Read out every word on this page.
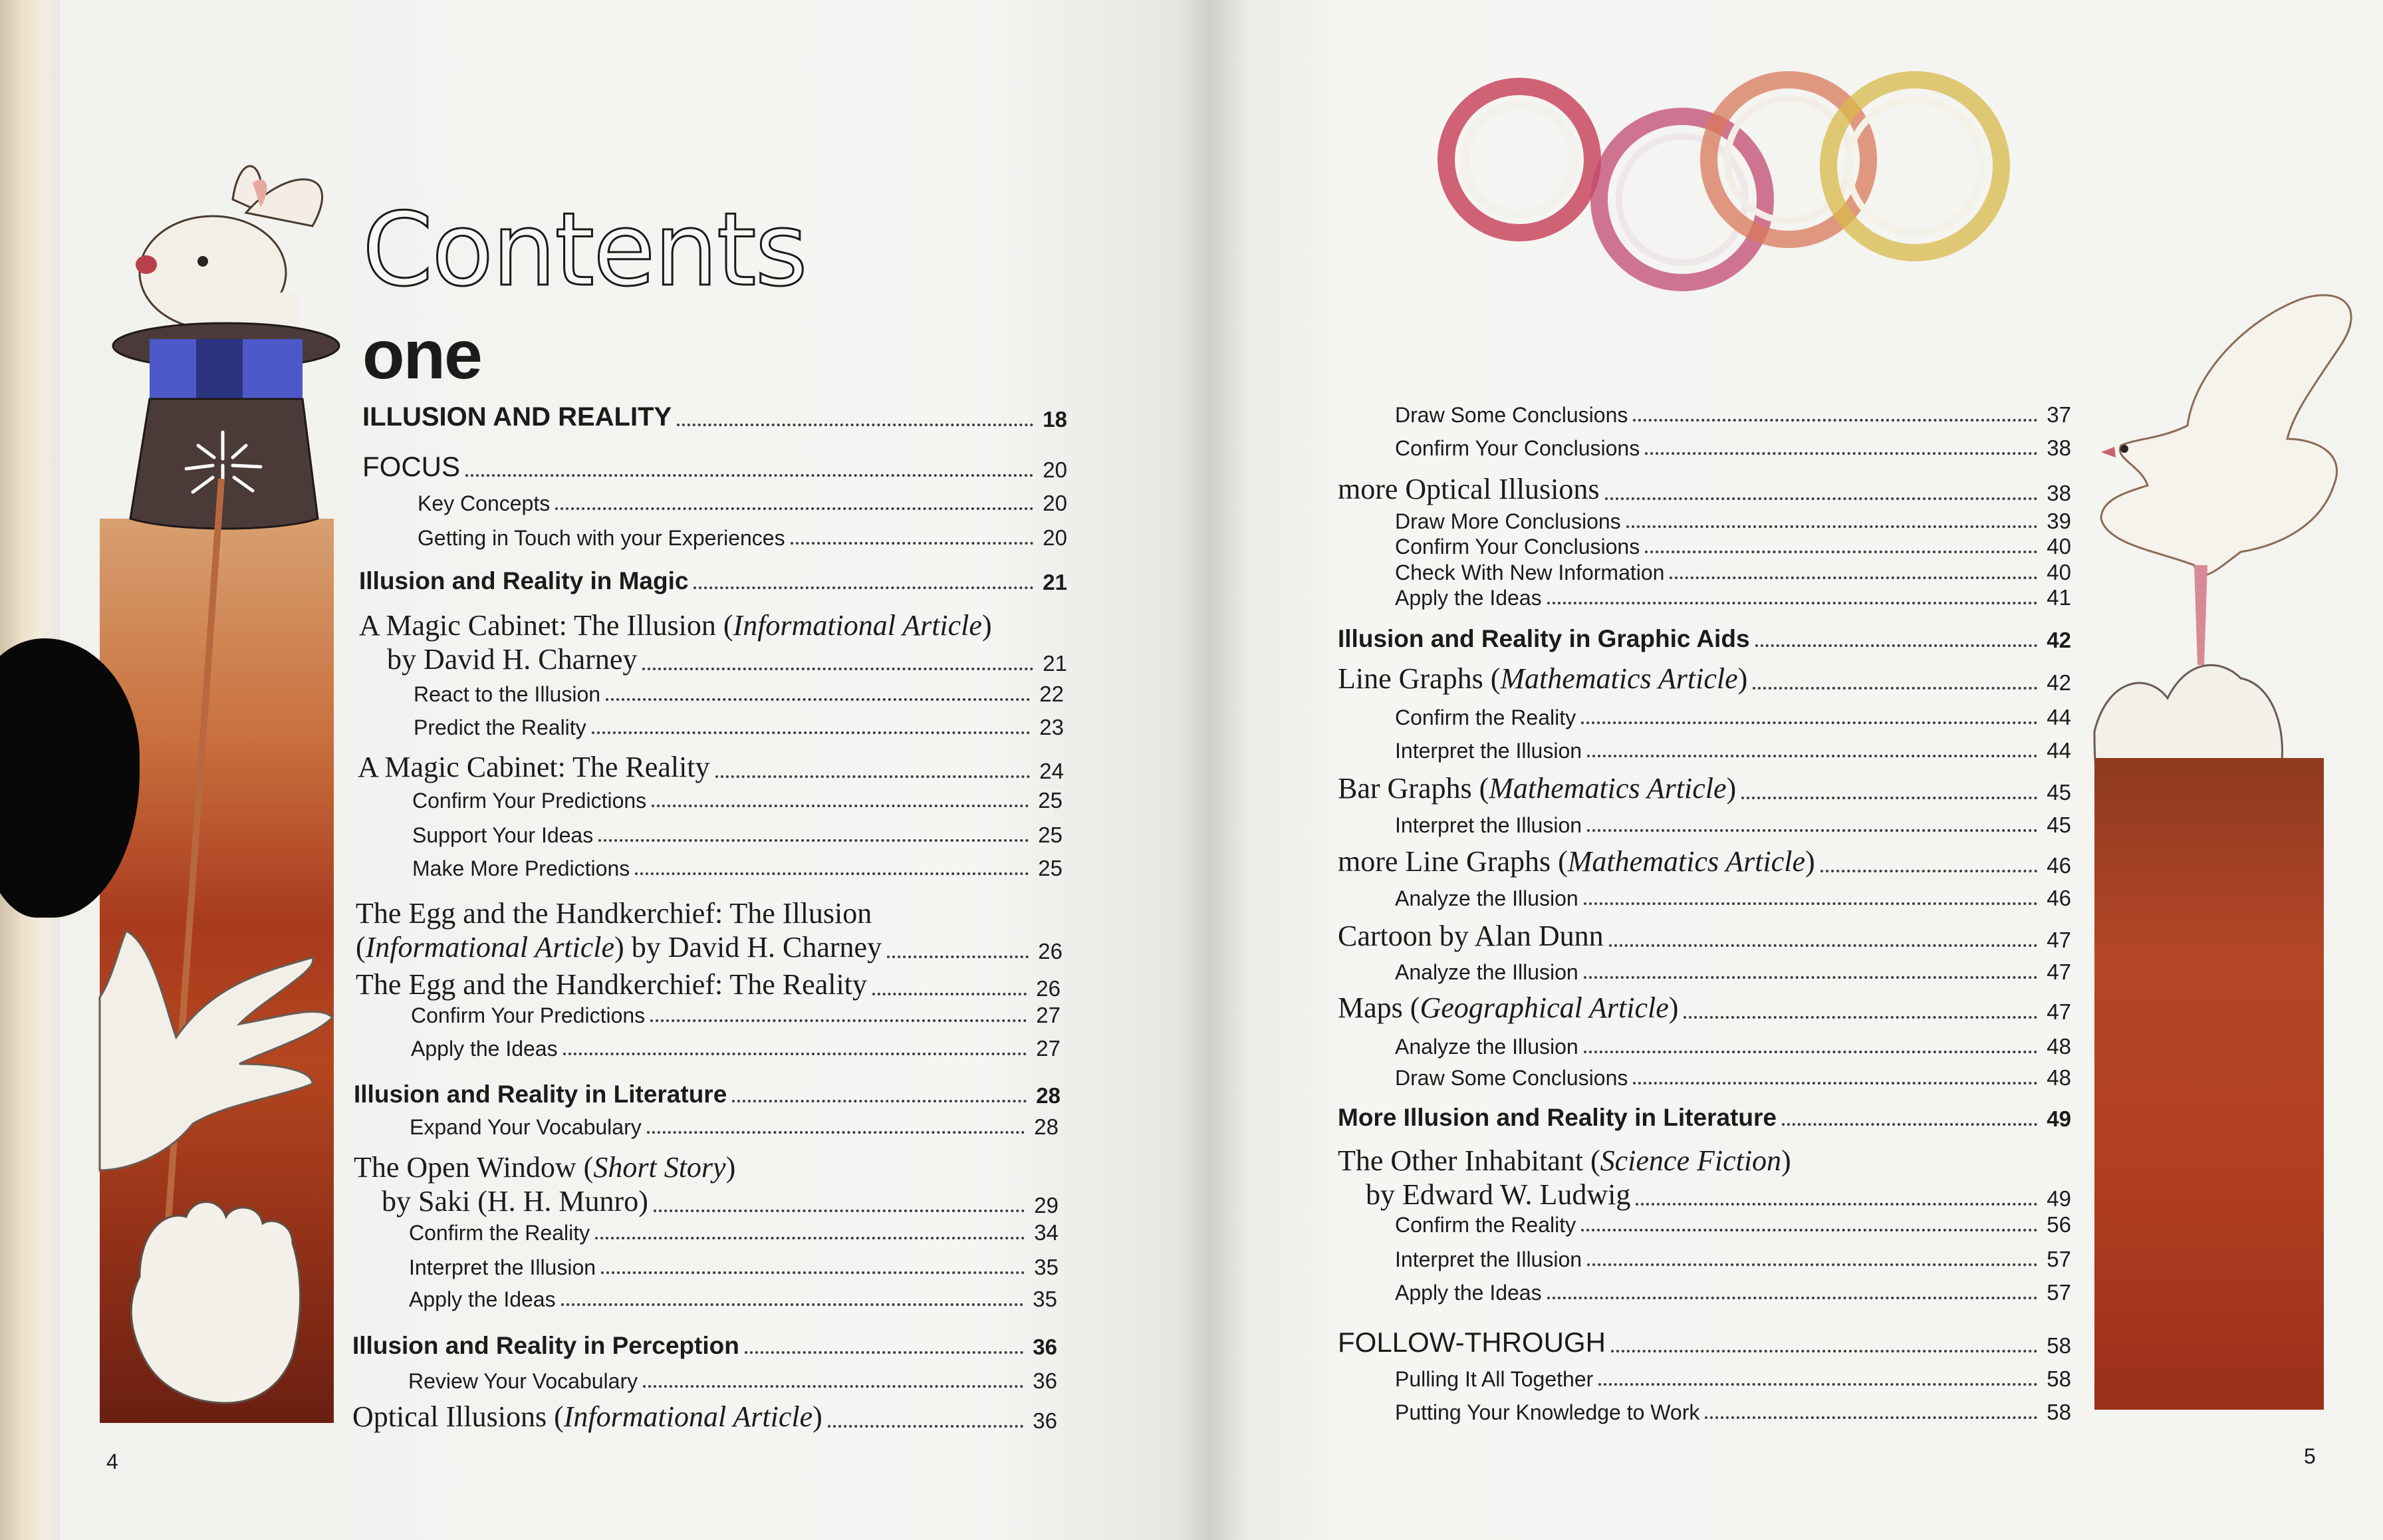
Contents
one
ILLUSION AND REALITY	18
FOCUS	20
Key Concepts	20
Getting in Touch with your Experiences	20
Illusion and Reality in Magic	21
A Magic Cabinet: The Illusion (Informational Article)
by David H. Charney	21
React to the Illusion	22
Predict the Reality	23
A Magic Cabinet: The Reality	24
Confirm Your Predictions	25
Support Your Ideas	25
Make More Predictions	25
The Egg and the Handkerchief: The Illusion
(Informational Article) by David H. Charney	26
The Egg and the Handkerchief: The Reality	26
Confirm Your Predictions	27
Apply the Ideas	27
Illusion and Reality in Literature	28
Expand Your Vocabulary	28
The Open Window (Short Story)
by Saki (H. H. Munro)	29
Confirm the Reality	34
Interpret the Illusion	35
Apply the Ideas	35
Illusion and Reality in Perception	36
Review Your Vocabulary	36
Optical Illusions (Informational Article)	36
Draw Some Conclusions	37
Confirm Your Conclusions	38
more Optical Illusions	38
Draw More Conclusions	39
Confirm Your Conclusions	40
Check With New Information	40
Apply the Ideas	41
Illusion and Reality in Graphic Aids	42
Line Graphs (Mathematics Article)	42
Confirm the Reality	44
Interpret the Illusion	44
Bar Graphs (Mathematics Article)	45
Interpret the Illusion	45
more Line Graphs (Mathematics Article)	46
Analyze the Illusion	46
Cartoon by Alan Dunn	47
Analyze the Illusion	47
Maps (Geographical Article)	47
Analyze the Illusion	48
Draw Some Conclusions	48
More Illusion and Reality in Literature	49
The Other Inhabitant (Science Fiction)
by Edward W. Ludwig	49
Confirm the Reality	56
Interpret the Illusion	57
Apply the Ideas	57
FOLLOW-THROUGH	58
Pulling It All Together	58
Putting Your Knowledge to Work	58
4	5
